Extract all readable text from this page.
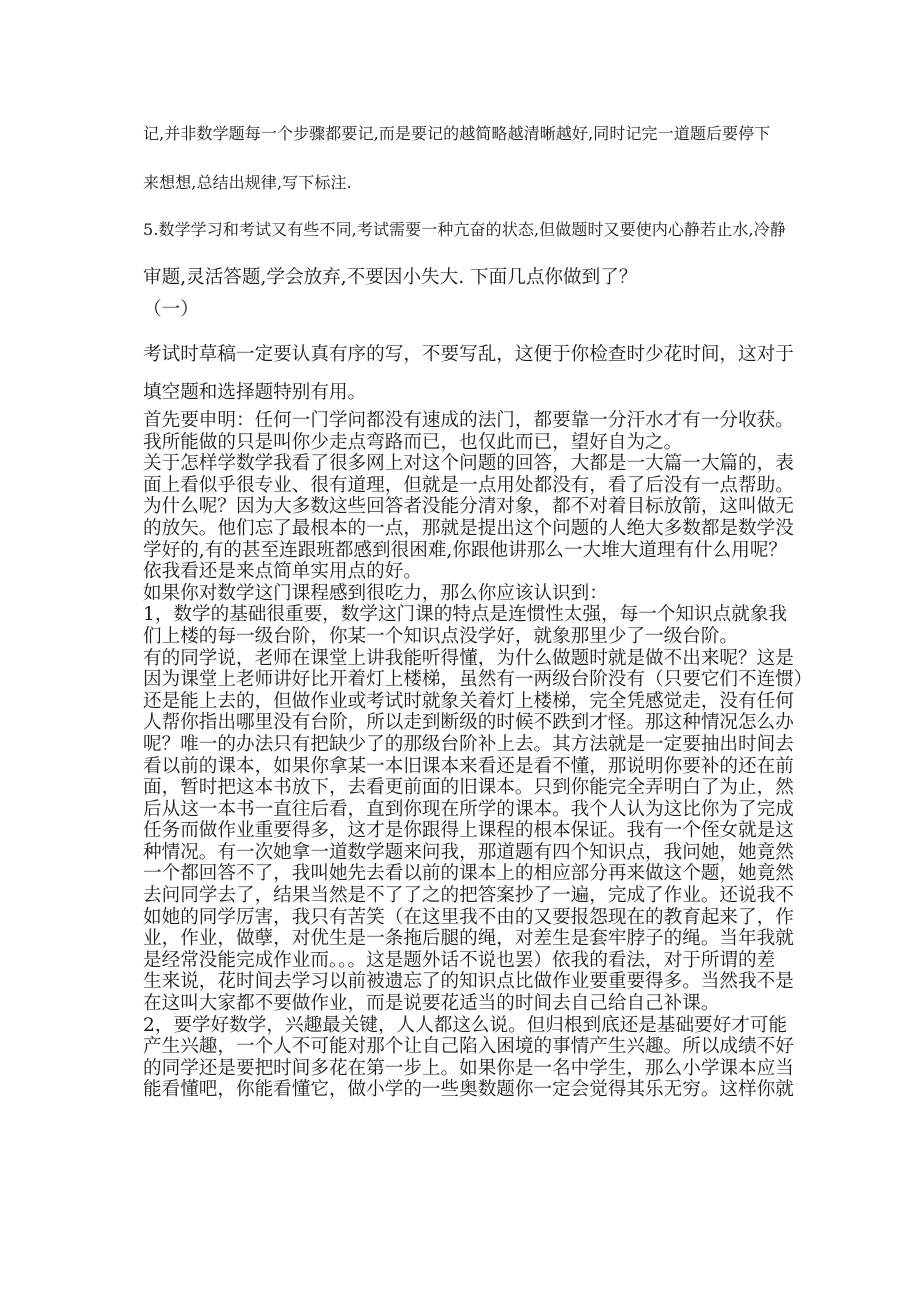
记,并非数学题每一个步骤都要记,而是要记的越简略越清晰越好,同时记完一道题后要停下

来想想,总结出规律,写下标注.

5.数学学习和考试又有些不同,考试需要一种亢奋的状态,但做题时又要使内心静若止水,冷静

审题,灵活答题,学会放弃,不要因小失大. 下面几点你做到了？

（一）

考试时草稿一定要认真有序的写，不要写乱，这便于你检查时少花时间，这对于

填空题和选择题特别有用。

首先要申明：任何一门学问都没有速成的法门，都要靠一分汗水才有一分收获。
我所能做的只是叫你少走点弯路而已，也仅此而已，望好自为之。
关于怎样学数学我看了很多网上对这个问题的回答，大都是一大篇一大篇的，表
面上看似乎很专业、很有道理，但就是一点用处都没有，看了后没有一点帮助。
为什么呢？因为大多数这些回答者没能分清对象，都不对着目标放箭，这叫做无
的放矢。他们忘了最根本的一点，那就是提出这个问题的人绝大多数都是数学没
学好的,有的甚至连跟班都感到很困难,你跟他讲那么一大堆大道理有什么用呢？
依我看还是来点简单实用点的好。
如果你对数学这门课程感到很吃力，那么你应该认识到：
1，数学的基础很重要，数学这门课的特点是连惯性太强，每一个知识点就象我
们上楼的每一级台阶，你某一个知识点没学好，就象那里少了一级台阶。
有的同学说，老师在课堂上讲我能听得懂，为什么做题时就是做不出来呢？这是
因为课堂上老师讲好比开着灯上楼梯，虽然有一两级台阶没有（只要它们不连惯）
还是能上去的，但做作业或考试时就象关着灯上楼梯，完全凭感觉走，没有任何
人帮你指出哪里没有台阶，所以走到断级的时候不跌到才怪。那这种情况怎么办
呢？唯一的办法只有把缺少了的那级台阶补上去。其方法就是一定要抽出时间去
看以前的课本，如果你拿某一本旧课本来看还是看不懂，那说明你要补的还在前
面，暂时把这本书放下，去看更前面的旧课本。只到你能完全弄明白了为止，然
后从这一本书一直往后看，直到你现在所学的课本。我个人认为这比你为了完成
任务而做作业重要得多，这才是你跟得上课程的根本保证。我有一个侄女就是这
种情况。有一次她拿一道数学题来问我，那道题有四个知识点，我问她，她竟然
一个都回答不了，我叫她先去看以前的课本上的相应部分再来做这个题，她竟然
去问同学去了，结果当然是不了了之的把答案抄了一遍，完成了作业。还说我不
如她的同学厉害，我只有苦笑（在这里我不由的又要报怨现在的教育起来了，作
业，作业，做孽，对优生是一条拖后腿的绳，对差生是套牢脖子的绳。当年我就
是经常没能完成作业而。。。这是题外话不说也罢）依我的看法，对于所谓的差
生来说，花时间去学习以前被遗忘了的知识点比做作业要重要得多。当然我不是
在这叫大家都不要做作业，而是说要花适当的时间去自己给自己补课。
2，要学好数学，兴趣最关键，人人都这么说。但归根到底还是基础要好才可能
产生兴趣，一个人不可能对那个让自己陷入困境的事情产生兴趣。所以成绩不好
的同学还是要把时间多花在第一步上。如果你是一名中学生，那么小学课本应当
能看懂吧，你能看懂它，做小学的一些奥数题你一定会觉得其乐无穷。这样你就
